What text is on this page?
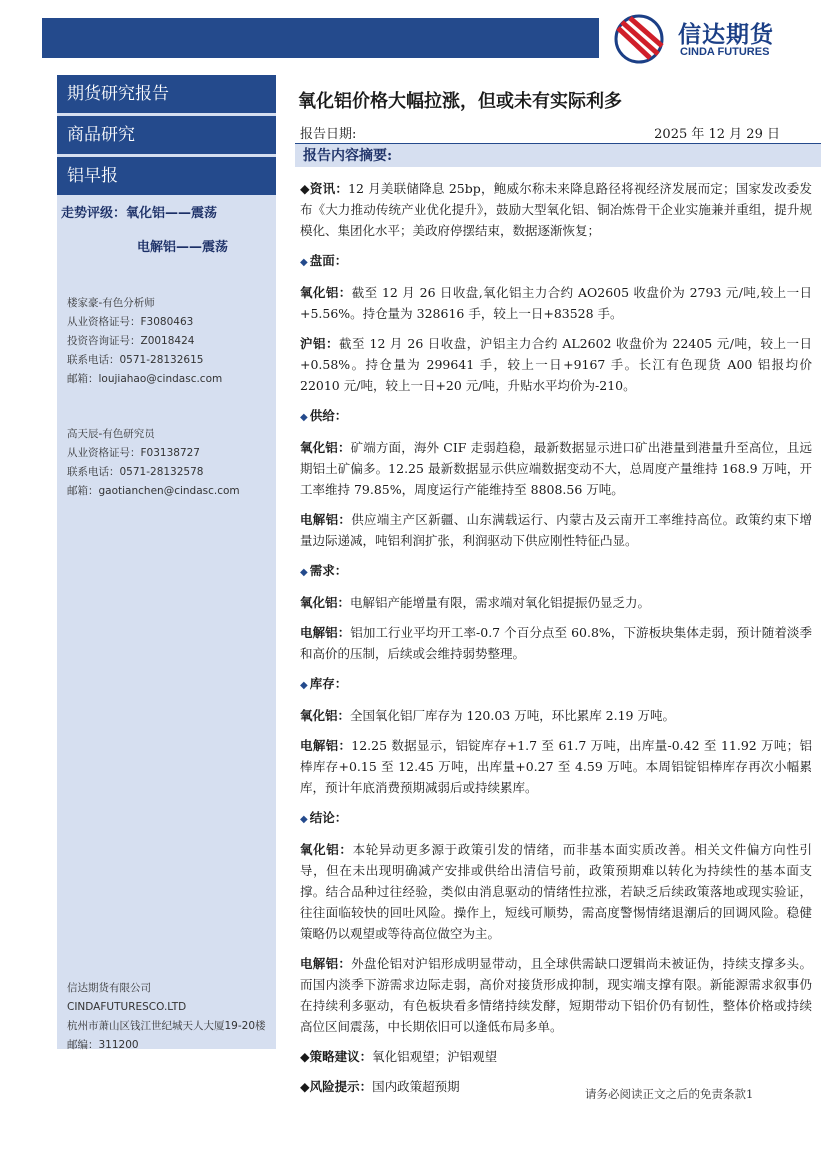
信达期货
CINDA FUTURES
期货研究报告
商品研究
铝早报
走势评级：氧化铝——震荡
电解铝——震荡
楼家豪-有色分析师
从业资格证号：F3080463
投资咨询证号：Z0018424
联系电话：0571-28132615
邮箱：loujiahao@cindasc.com
高天辰-有色研究员
从业资格证号：F03138727
联系电话：0571-28132578
邮箱：gaotianchen@cindasc.com
信达期货有限公司
CINDAFUTURESCO.LTD
杭州市萧山区钱江世纪城天人大厦19-20楼
邮编：311200
氧化铝价格大幅拉涨，但或未有实际利多
报告日期:	2025 年 12 月 29 日
报告内容摘要:

◆资讯：12 月美联储降息 25bp，鲍威尔称未来降息路径将视经济发展而定；国家发改委发布《大力推动传统产业优化提升》，鼓励大型氧化铝、铜冶炼骨干企业实施兼并重组，提升规模化、集团化水平；美政府停摆结束，数据逐渐恢复；

◆ 盘面：

氧化铝：截至 12 月 26 日收盘,氧化铝主力合约 AO2605 收盘价为 2793 元/吨,较上一日+5.56%。持仓量为 328616 手，较上一日+83528 手。

沪铝：截至 12 月 26 日收盘，沪铝主力合约 AL2602 收盘价为 22405 元/吨，较上一日+0.58%。持仓量为 299641 手，较上一日+9167 手。长江有色现货 A00 铝报均价 22010 元/吨，较上一日+20 元/吨，升贴水平均价为-210。

◆ 供给：

氧化铝：矿端方面，海外 CIF 走弱趋稳，最新数据显示进口矿出港量到港量升至高位，且远期铝土矿偏多。12.25 最新数据显示供应端数据变动不大，总周度产量维持 168.9 万吨，开工率维持 79.85%，周度运行产能维持至 8808.56 万吨。

电解铝：供应端主产区新疆、山东满载运行、内蒙古及云南开工率维持高位。政策约束下增量边际递减，吨铝利润扩张，利润驱动下供应刚性特征凸显。

◆ 需求：

氧化铝：电解铝产能增量有限，需求端对氧化铝提振仍显乏力。

电解铝：铝加工行业平均开工率-0.7 个百分点至 60.8%，下游板块集体走弱，预计随着淡季和高价的压制，后续或会维持弱势整理。

◆ 库存：

氧化铝：全国氧化铝厂库存为 120.03 万吨，环比累库 2.19 万吨。

电解铝：12.25 数据显示，铝锭库存+1.7 至 61.7 万吨，出库量-0.42 至 11.92 万吨；铝棒库存+0.15 至 12.45 万吨，出库量+0.27 至 4.59 万吨。本周铝锭铝棒库存再次小幅累库，预计年底消费预期减弱后或持续累库。

◆ 结论：

氧化铝：本轮异动更多源于政策引发的情绪，而非基本面实质改善。相关文件偏方向性引导，但在未出现明确减产安排或供给出清信号前，政策预期难以转化为持续性的基本面支撑。结合品种过往经验，类似由消息驱动的情绪性拉涨，若缺乏后续政策落地或现实验证，往往面临较快的回吐风险。操作上，短线可顺势，需高度警惕情绪退潮后的回调风险。稳健策略仍以观望或等待高位做空为主。

电解铝：外盘伦铝对沪铝形成明显带动，且全球供需缺口逻辑尚未被证伪，持续支撑多头。而国内淡季下游需求边际走弱，高价对接货形成抑制，现实端支撑有限。新能源需求叙事仍在持续利多驱动，有色板块看多情绪持续发酵，短期带动下铝价仍有韧性，整体价格或持续高位区间震荡，中长期依旧可以逢低布局多单。

◆策略建议：氧化铝观望；沪铝观望

◆风险提示：国内政策超预期	请务必阅读正文之后的免责条款1
